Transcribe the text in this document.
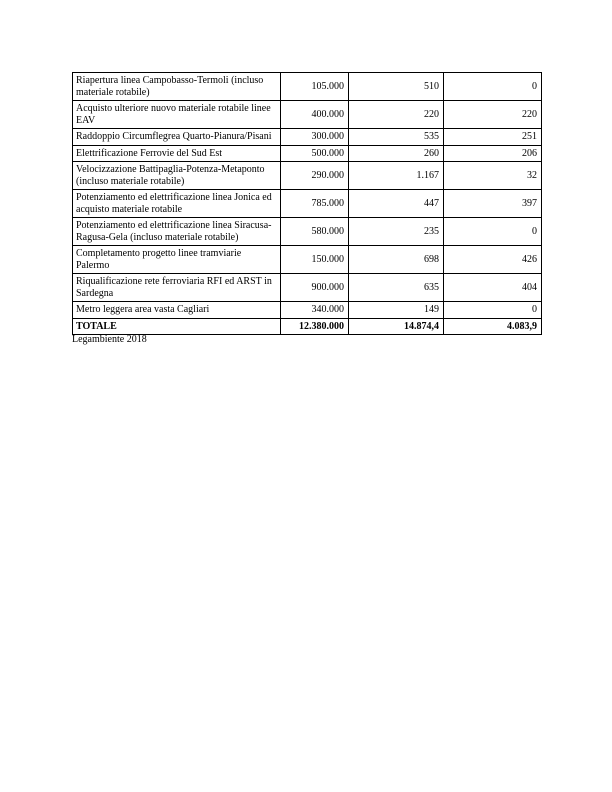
Riapertura linea Campobasso-Termoli (incluso materiale rotabile)	105.000	510	0
Acquisto ulteriore nuovo materiale rotabile linee EAV	400.000	220	220
Raddoppio Circumflegrea Quarto-Pianura/Pisani	300.000	535	251
Elettrificazione Ferrovie del Sud Est	500.000	260	206
Velocizzazione Battipaglia-Potenza-Metaponto (incluso materiale rotabile)	290.000	1.167	32
Potenziamento ed elettrificazione linea Jonica ed acquisto materiale rotabile	785.000	447	397
Potenziamento ed elettrificazione linea Siracusa-Ragusa-Gela (incluso materiale rotabile)	580.000	235	0
Completamento progetto linee tramviarie Palermo	150.000	698	426
Riqualificazione rete ferroviaria RFI ed ARST in Sardegna	900.000	635	404
Metro leggera area vasta Cagliari	340.000	149	0
TOTALE	12.380.000	14.874,4	4.083,9
Legambiente 2018
